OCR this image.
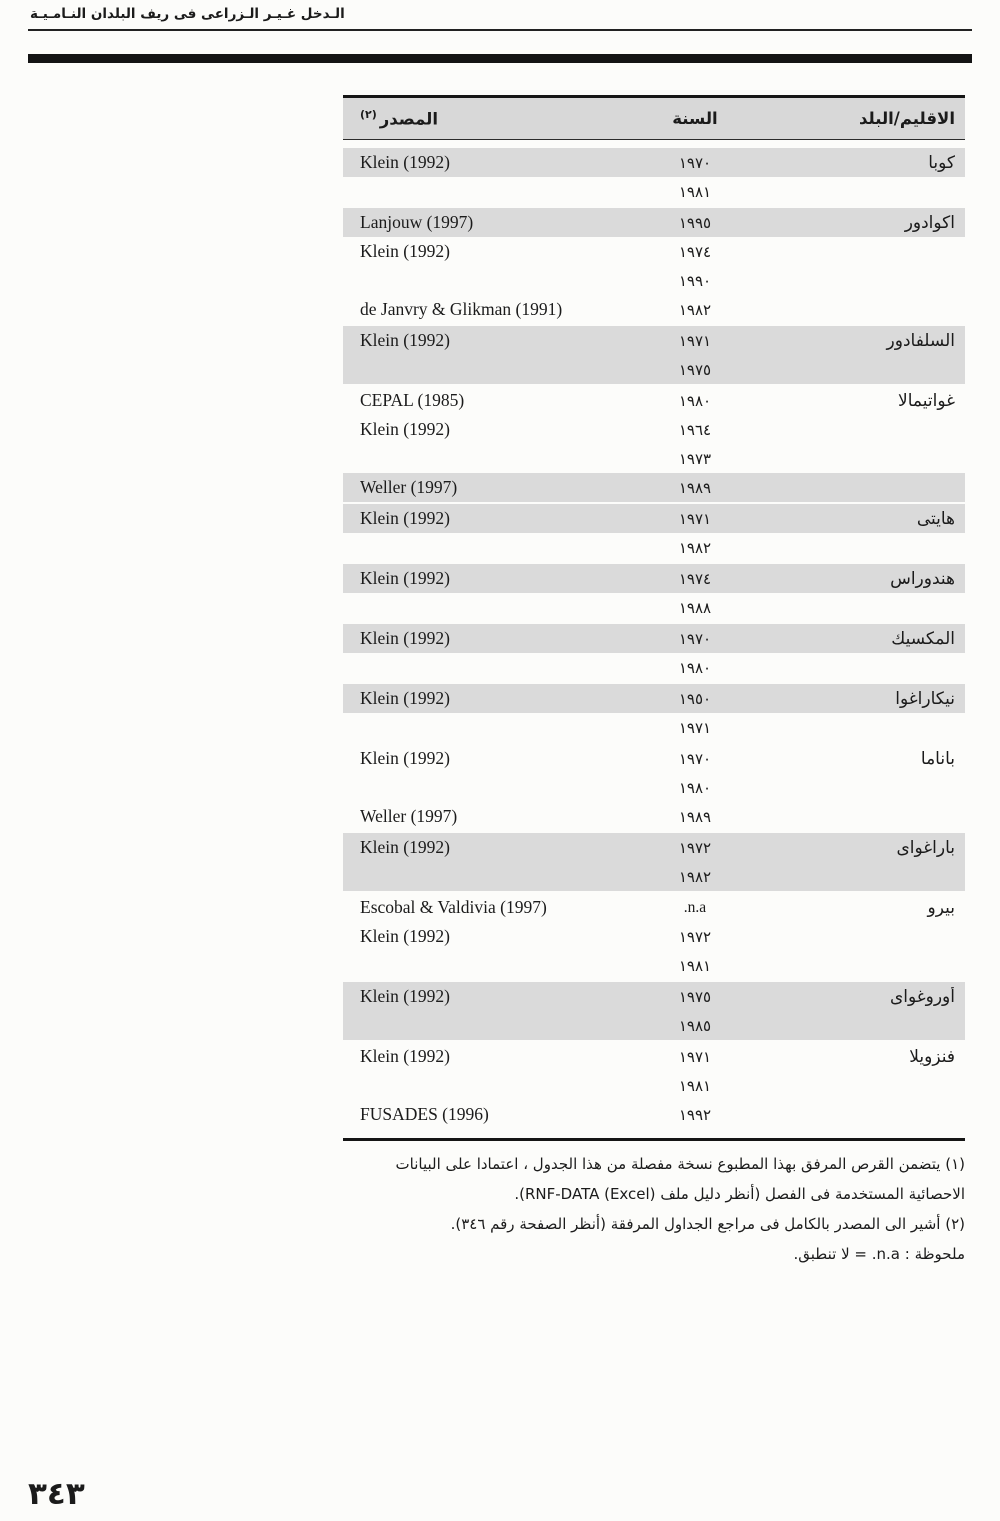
الـدخل غـيـر الـزراعى فى ريف البلدان النـامـيـة
الاقليم/البلد
السنة
المصدر$^{(٢)}$
كوبا
١٩٧٠
Klein (1992)
١٩٨١
اكوادور
١٩٩٥
Lanjouw (1997)
١٩٧٤
Klein (1992)
١٩٩٠
١٩٨٢
de Janvry & Glikman (1991)
السلفادور
١٩٧١
Klein (1992)
١٩٧٥
غواتيمالا
١٩٨٠
CEPAL (1985)
١٩٦٤
Klein (1992)
١٩٧٣
١٩٨٩
Weller (1997)
هايتى
١٩٧١
Klein (1992)
١٩٨٢
هندوراس
١٩٧٤
Klein (1992)
١٩٨٨
المكسيك
١٩٧٠
Klein (1992)
١٩٨٠
نيكاراغوا
١٩٥٠
Klein (1992)
١٩٧١
باناما
١٩٧٠
Klein (1992)
١٩٨٠
١٩٨٩
Weller (1997)
باراغواى
١٩٧٢
Klein (1992)
١٩٨٢
بيرو
n.a.
Escobal & Valdivia (1997)
١٩٧٢
Klein (1992)
١٩٨١
أوروغواى
١٩٧٥
Klein (1992)
١٩٨٥
فنزويلا
١٩٧١
Klein (1992)
١٩٨١
١٩٩٢
FUSADES (1996)

(١) يتضمن القرص المرفق بهذا المطبوع نسخة مفصلة من هذا الجدول ، اعتمادا على البيانات الاحصائية المستخدمة فى الفصل (أنظر دليل ملف RNF-DATA (Excel)).

(٢) أشير الى المصدر بالكامل فى مراجع الجداول المرفقة (أنظر الصفحة رقم ٣٤٦).

ملحوظة : n.a. = لا تنطبق.

٣٤٣
